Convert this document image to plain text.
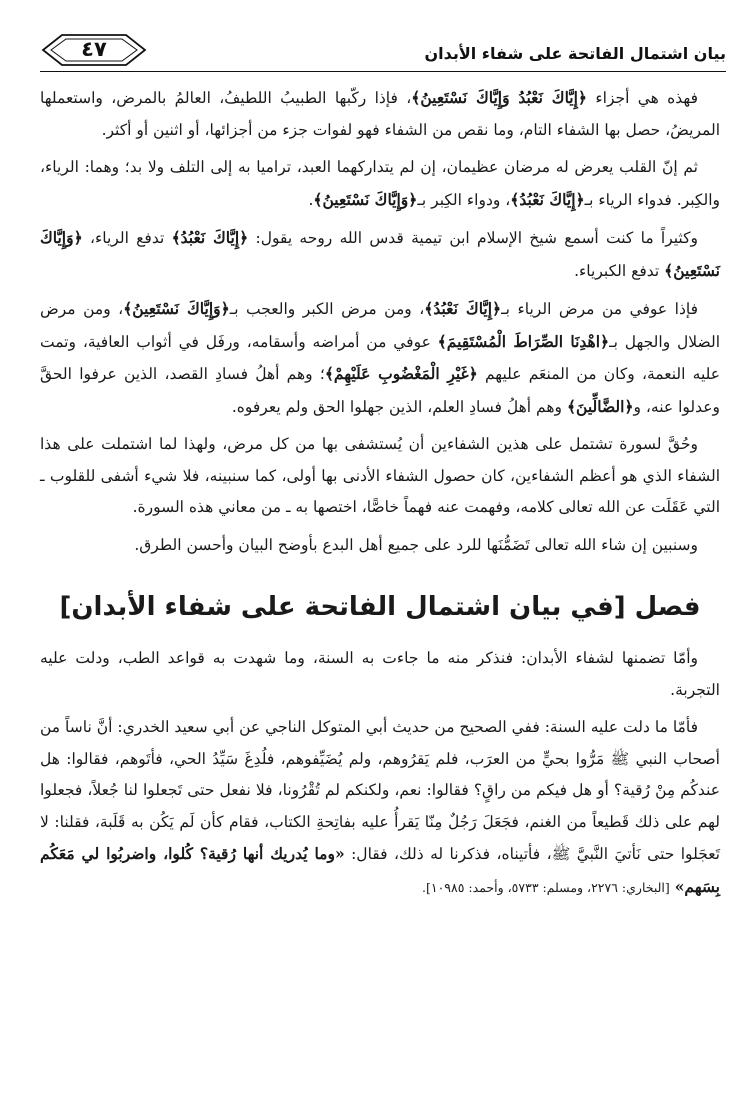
بيان اشتمال الفاتحة على شفاء الأبدان
٤٧

فهذه هي أجزاء ﴿إِيَّاكَ نَعْبُدُ وَإِيَّاكَ نَسْتَعِينُ﴾، فإذا ركّبها الطبيبُ اللطيفُ، العالمُ بالمرض، واستعملها المريضُ، حصل بها الشفاء التام، وما نقص من الشفاء فهو لفوات جزء من أجزائها، أو اثنين أو أكثر.

ثم إنّ القلب يعرض له مرضان عظيمان، إن لم يتداركهما العبد، تراميا به إلى التلف ولا بد؛ وهما: الرياء، والكِبر. فدواء الرياء بـ﴿إِيَّاكَ نَعْبُدُ﴾، ودواء الكِبر بـ﴿وَإِيَّاكَ نَسْتَعِينُ﴾.

وكثيراً ما كنت أسمع شيخ الإسلام ابن تيمية قدس الله روحه يقول: ﴿إِيَّاكَ نَعْبُدُ﴾ تدفع الرياء، ﴿وَإِيَّاكَ نَسْتَعِينُ﴾ تدفع الكبرياء.

فإذا عوفي من مرض الرياء بـ﴿إِيَّاكَ نَعْبُدُ﴾، ومن مرض الكبر والعجب بـ﴿وَإِيَّاكَ نَسْتَعِينُ﴾، ومن مرض الضلال والجهل بـ﴿اهْدِنَا الصِّرَاطَ الْمُسْتَقِيمَ﴾ عوفي من أمراضه وأسقامه، ورفَل في أثواب العافية، وتمت عليه النعمة، وكان من المنعَم عليهم ﴿غَيْرِ الْمَغْضُوبِ عَلَيْهِمْ﴾؛ وهم أهلُ فسادِ القصد، الذين عرفوا الحقَّ وعدلوا عنه، و﴿الضَّالِّينَ﴾ وهم أهلُ فسادِ العلم، الذين جهلوا الحق ولم يعرفوه.

وحُقَّ لسورة تشتمل على هذين الشفاءين أن يُستشفى بها من كل مرض، ولهذا لما اشتملت على هذا الشفاء الذي هو أعظم الشفاءين، كان حصول الشفاء الأدنى بها أولى، كما سنبينه، فلا شيء أشفى للقلوب ـ التي عَقَلَت عن الله تعالى كلامه، وفهمت عنه فهماً خاصًّا، اختصها به ـ من معاني هذه السورة.

وسنبين إن شاء الله تعالى تَضَمُّنَها للرد على جميع أهل البدع بأوضح البيان وأحسن الطرق.

فصل [في بيان اشتمال الفاتحة على شفاء الأبدان]

وأمّا تضمنها لشفاء الأبدان: فنذكر منه ما جاءت به السنة، وما شهدت به قواعد الطب، ودلت عليه التجربة.

فأمّا ما دلت عليه السنة: ففي الصحيح من حديث أبي المتوكل الناجي عن أبي سعيد الخدري: أنَّ ناساً من أصحاب النبي ﷺ مَرُّوا بحيٍّ من العرَب، فلم يَقرُوهم، ولم يُضَيِّفوهم، فلُدِغَ سَيِّدُ الحي، فأتَوهم، فقالوا: هل عندكُم مِنْ رُقية؟ أو هل فيكم من راقٍ؟ فقالوا: نعم، ولكنكم لم تُقْرُونا، فلا نفعل حتى تَجعلوا لنا جُعلاً، فجعلوا لهم على ذلك قَطيعاً من الغنم، فجَعَلَ رَجُلٌ مِنّا يَقرأُ عليه بفاتِحةِ الكتاب، فقام كأن لَم يَكُن به قَلَبة، فقلنا: لا تَعجَلوا حتى نَأتيَ النَّبيَّ ﷺ، فأتيناه، فذكرنا له ذلك، فقال: «وما يُدريك أنها رُقية؟ كُلوا، واضربُوا لي مَعَكُم بِسَهم» [البخاري: ٢٢٧٦، ومسلم: ٥٧٣٣، وأحمد: ١٠٩٨٥].
